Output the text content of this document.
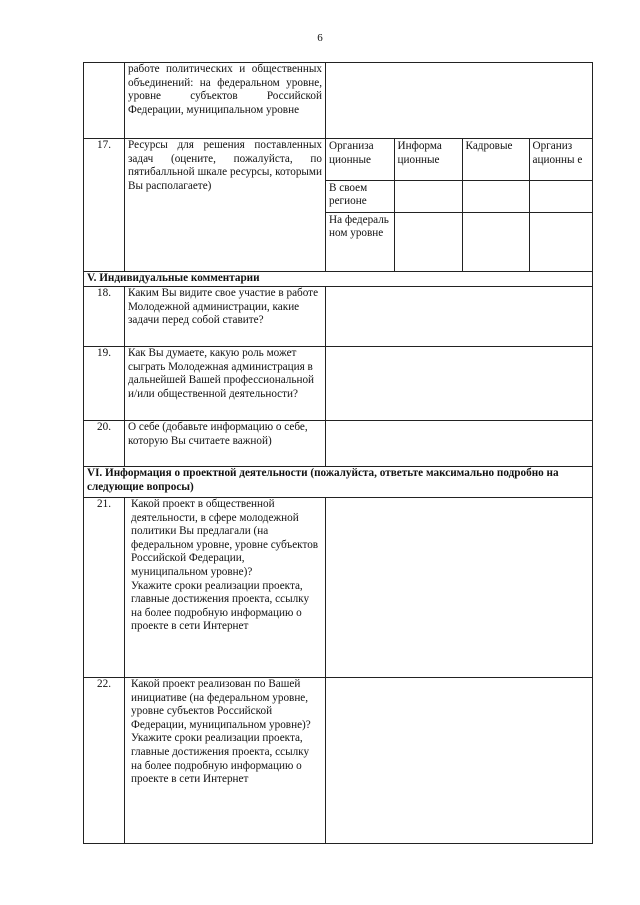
6

работе политических и общественных объединений: на федеральном уровне, уровне субъектов Российской Федерации, муниципальном уровне

17.	Ресурсы для решения поставленных задач (оцените, пожалуйста, по пятибалльной шкале ресурсы, которыми Вы располагаете)

Организа ционные	Информа ционные	Кадровые	Организ ационны е
В своем регионе			
На федераль ном уровне			

V. Индивидуальные комментарии
18.	Каким Вы видите свое участие в работе Молодежной администрации, какие задачи перед собой ставите?	
19.	Как Вы думаете, какую роль может сыграть Молодежная администрация в дальнейшей Вашей профессиональной и/или общественной деятельности?	
20.	О себе (добавьте информацию о себе, которую Вы считаете важной)	
VI. Информация о проектной деятельности (пожалуйста, ответьте максимально подробно на следующие вопросы)
21.	Какой проект в общественной деятельности, в сфере молодежной политики Вы предлагали (на федеральном уровне, уровне субъектов Российской Федерации, муниципальном уровне)?
Укажите сроки реализации проекта, главные достижения проекта, ссылку на более подробную информацию о проекте в сети Интернет

22.	Какой проект реализован по Вашей инициативе (на федеральном уровне, уровне субъектов Российской Федерации, муниципальном уровне)?
Укажите сроки реализации проекта, главные достижения проекта, ссылку на более подробную информацию о проекте в сети Интернет
